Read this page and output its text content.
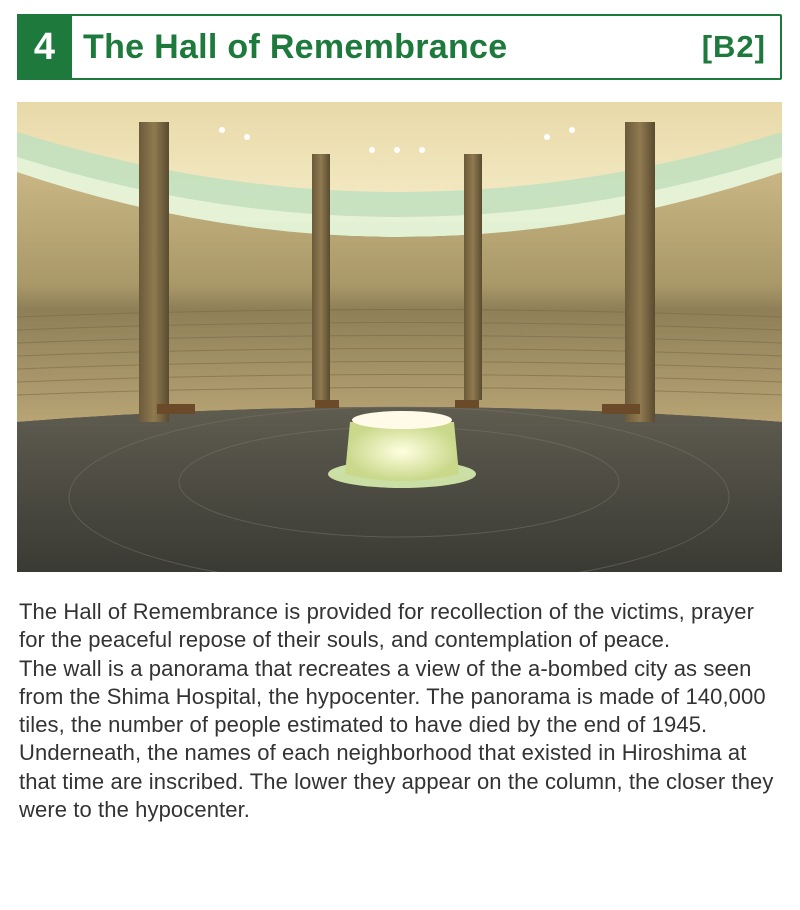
4 The Hall of Remembrance	[B2]

The Hall of Remembrance is provided for recollection of the victims, prayer for the peaceful repose of their souls, and contemplation of peace.

The wall is a panorama that recreates a view of the a-bombed city as seen from the Shima Hospital, the hypocenter. The panorama is made of 140,000 tiles, the number of people estimated to have died by the end of 1945.

Underneath, the names of each neighborhood that existed in Hiroshima at that time are inscribed. The lower they appear on the column, the closer they were to the hypocenter.
